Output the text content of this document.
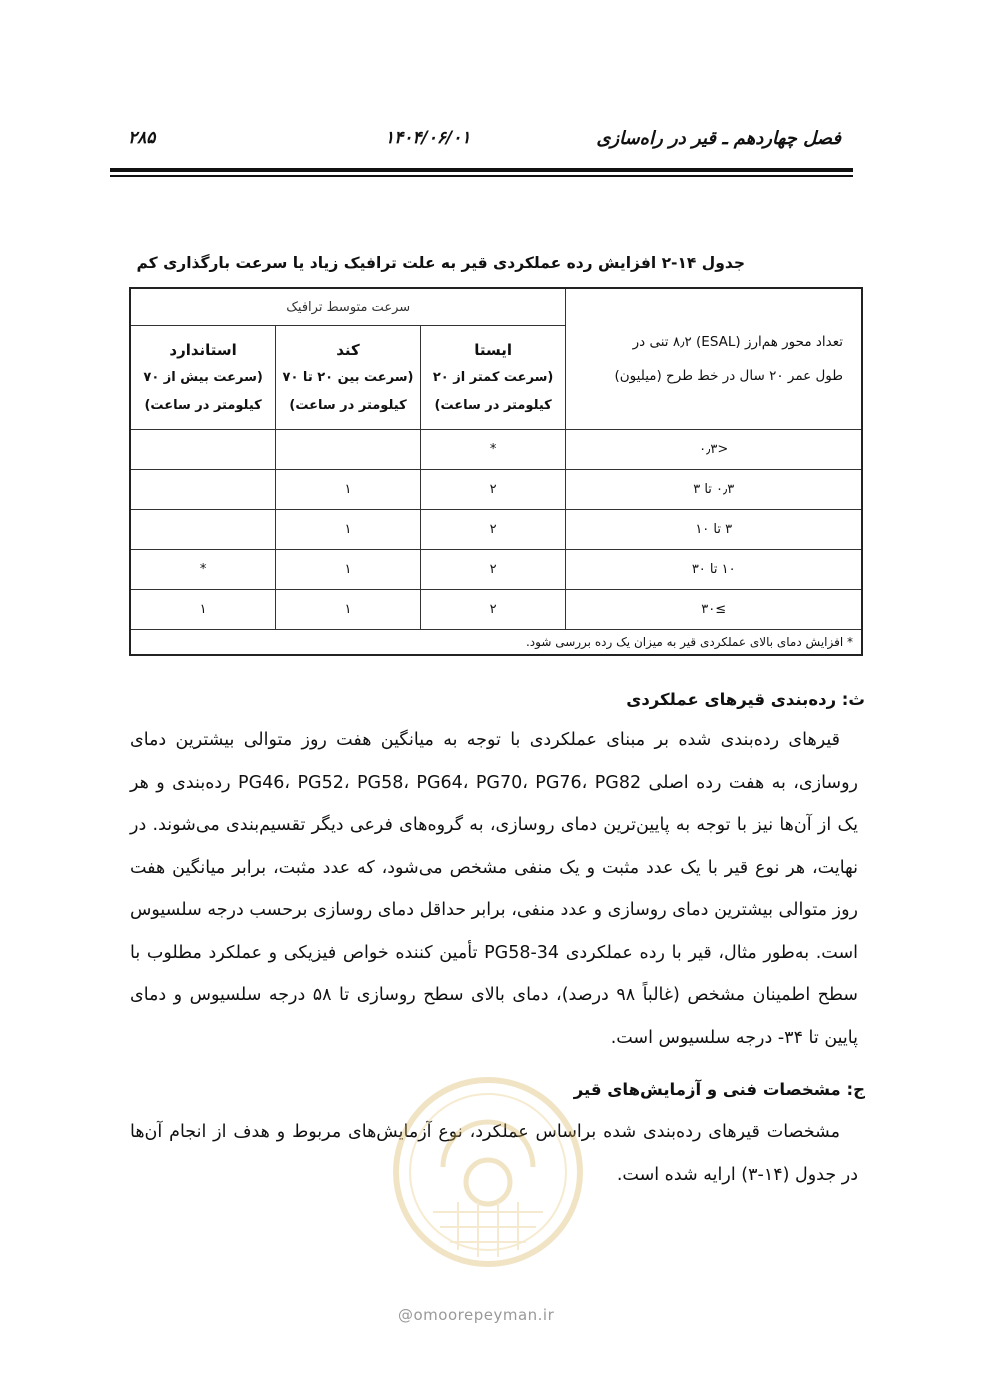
فصل چهاردهم ـ قیر در راه‌سازی
۱۴۰۴/۰۶/۰۱
۲۸۵
جدول ۱۴-۲ افزایش رده عملکردی قیر به علت ترافیک زیاد یا سرعت بارگذاری کم
تعداد محور هم‌ارز (ESAL) ۸٫۲ تنی در
طول عمر ۲۰ سال در خط طرح (میلیون)	سرعت متوسط ترافیک		

	ایستا
(سرعت کمتر از ۲۰
کیلومتر در ساعت)	کند
(سرعت بین ۲۰ تا ۷۰
کیلومتر در ساعت)	استاندارد
(سرعت بیش از ۷۰
کیلومتر در ساعت)

<۰٫۳	*		
۰٫۳ تا ۳	۲	۱	
۳ تا ۱۰	۲	۱	
۱۰ تا ۳۰	۲	۱	*
≥۳۰	۲	۱	۱
* افزایش دمای بالای عملکردی قیر به میزان یک رده بررسی شود.			
ث: رده‌بندی قیرهای عملکردی
قیرهای رده‌بندی شده بر مبنای عملکردی با توجه به میانگین هفت روز متوالی بیشترین دمای روسازی، به هفت رده اصلی PG46، PG52، PG58، PG64، PG70، PG76، PG82 رده‌بندی و هر یک از آن‌ها نیز با توجه به پایین‌ترین دمای روسازی، به گروه‌های فرعی دیگر تقسیم‌بندی می‌شوند. در نهایت، هر نوع قیر با یک عدد مثبت و یک منفی مشخص می‌شود، که عدد مثبت، برابر میانگین هفت روز متوالی بیشترین دمای روسازی و عدد منفی، برابر حداقل دمای روسازی برحسب درجه سلسیوس است. به‌طور مثال، قیر با رده عملکردی PG58-34 تأمین کننده خواص فیزیکی و عملکرد مطلوب با سطح اطمینان مشخص (غالباً ۹۸ درصد)، دمای بالای سطح روسازی تا ۵۸ درجه سلسیوس و دمای پایین تا ۳۴- درجه سلسیوس است.
ج: مشخصات فنی و آزمایش‌های قیر
مشخصات قیرهای رده‌بندی شده براساس عملکرد، نوع آزمایش‌های مربوط و هدف از انجام آن‌ها در جدول (۱۴-۳) ارایه شده است.
@omoorepeyman.ir
